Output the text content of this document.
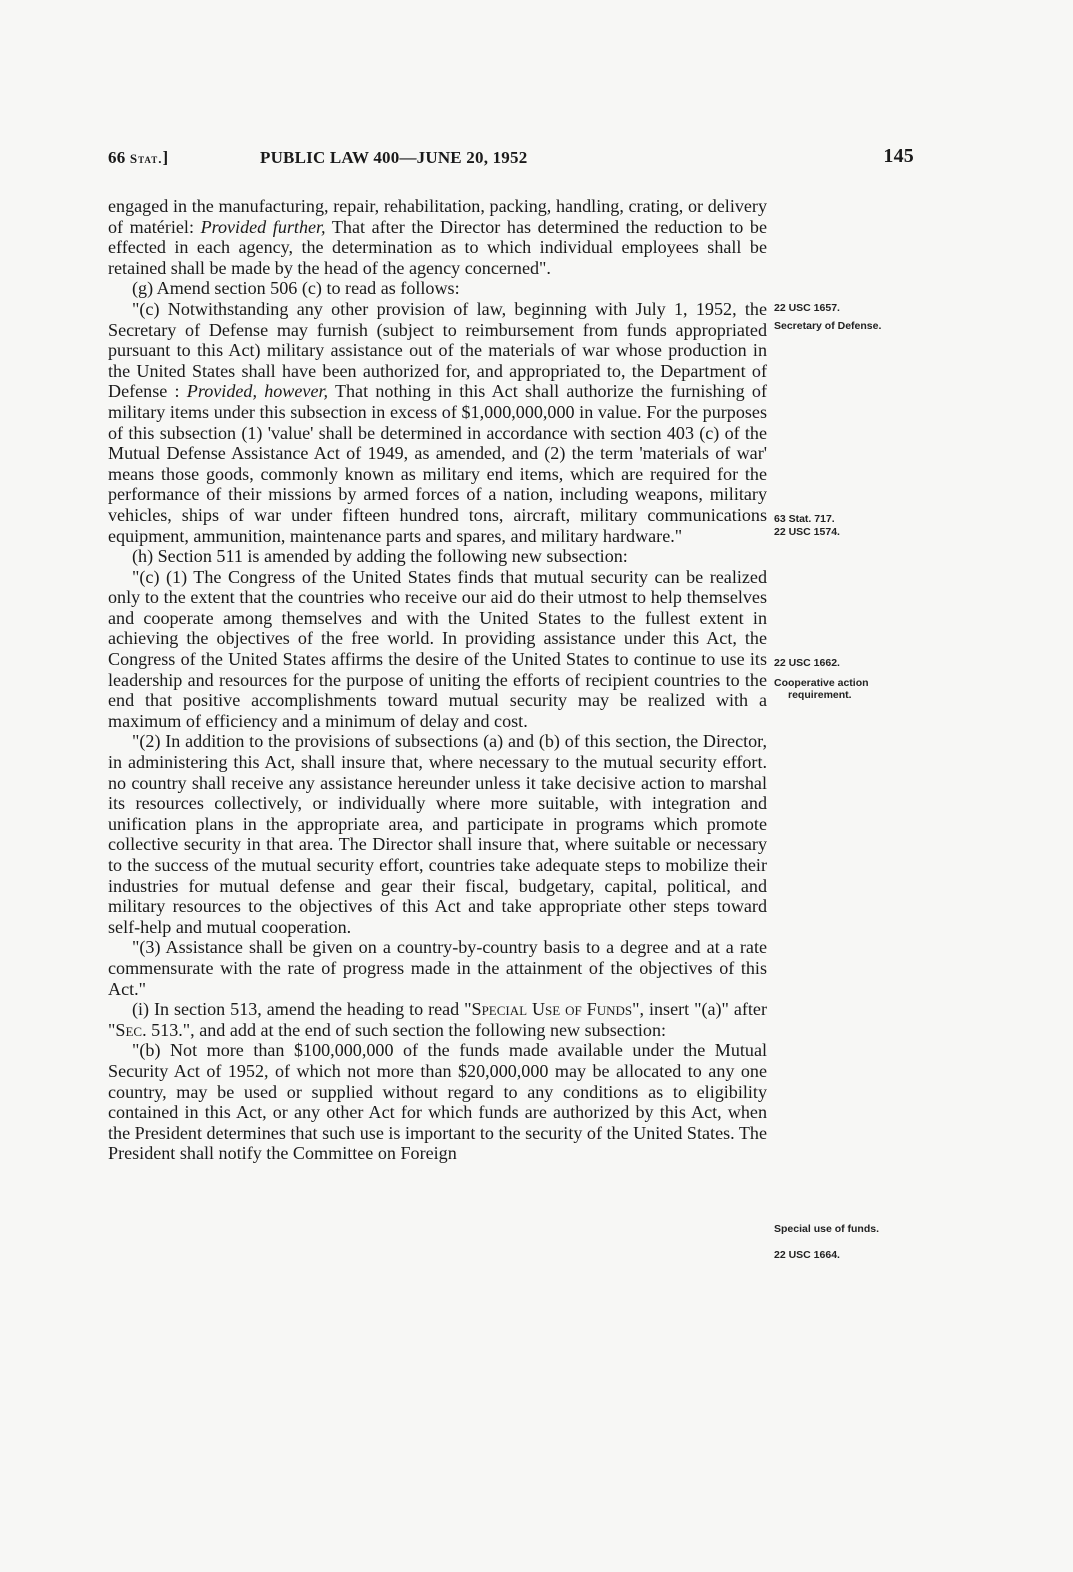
66 Stat.]	PUBLIC LAW 400—JUNE 20, 1952	145

engaged in the manufacturing, repair, rehabilitation, packing, handling, crating, or delivery of matériel: Provided further, That after the Director has determined the reduction to be effected in each agency, the determination as to which individual employees shall be retained shall be made by the head of the agency concerned".

(g) Amend section 506 (c) to read as follows:

"(c) Notwithstanding any other provision of law, beginning with July 1, 1952, the Secretary of Defense may furnish (subject to reimbursement from funds appropriated pursuant to this Act) military assistance out of the materials of war whose production in the United States shall have been authorized for, and appropriated to, the Department of Defense : Provided, however, That nothing in this Act shall authorize the furnishing of military items under this subsection in excess of $1,000,000,000 in value. For the purposes of this subsection (1) 'value' shall be determined in accordance with section 403 (c) of the Mutual Defense Assistance Act of 1949, as amended, and (2) the term 'materials of war' means those goods, commonly known as military end items, which are required for the performance of their missions by armed forces of a nation, including weapons, military vehicles, ships of war under fifteen hundred tons, aircraft, military communications equipment, ammunition, maintenance parts and spares, and military hardware."

(h) Section 511 is amended by adding the following new subsection:

"(c) (1) The Congress of the United States finds that mutual security can be realized only to the extent that the countries who receive our aid do their utmost to help themselves and cooperate among themselves and with the United States to the fullest extent in achieving the objectives of the free world. In providing assistance under this Act, the Congress of the United States affirms the desire of the United States to continue to use its leadership and resources for the purpose of uniting the efforts of recipient countries to the end that positive accomplishments toward mutual security may be realized with a maximum of efficiency and a minimum of delay and cost.

"(2) In addition to the provisions of subsections (a) and (b) of this section, the Director, in administering this Act, shall insure that, where necessary to the mutual security effort. no country shall receive any assistance hereunder unless it take decisive action to marshal its resources collectively, or individually where more suitable, with integration and unification plans in the appropriate area, and participate in programs which promote collective security in that area. The Director shall insure that, where suitable or necessary to the success of the mutual security effort, countries take adequate steps to mobilize their industries for mutual defense and gear their fiscal, budgetary, capital, political, and military resources to the objectives of this Act and take appropriate other steps toward self-help and mutual cooperation.

"(3) Assistance shall be given on a country-by-country basis to a degree and at a rate commensurate with the rate of progress made in the attainment of the objectives of this Act."

(i) In section 513, amend the heading to read "Special Use of Funds", insert "(a)" after "Sec. 513.", and add at the end of such section the following new subsection:

"(b) Not more than $100,000,000 of the funds made available under the Mutual Security Act of 1952, of which not more than $20,000,000 may be allocated to any one country, may be used or supplied without regard to any conditions as to eligibility contained in this Act, or any other Act for which funds are authorized by this Act, when the President determines that such use is important to the security of the United States. The President shall notify the Committee on Foreign

22 USC 1657.
Secretary of Defense.
63 Stat. 717.
22 USC 1574.
22 USC 1662.
Cooperative action requirement.
Special use of funds.
22 USC 1664.
